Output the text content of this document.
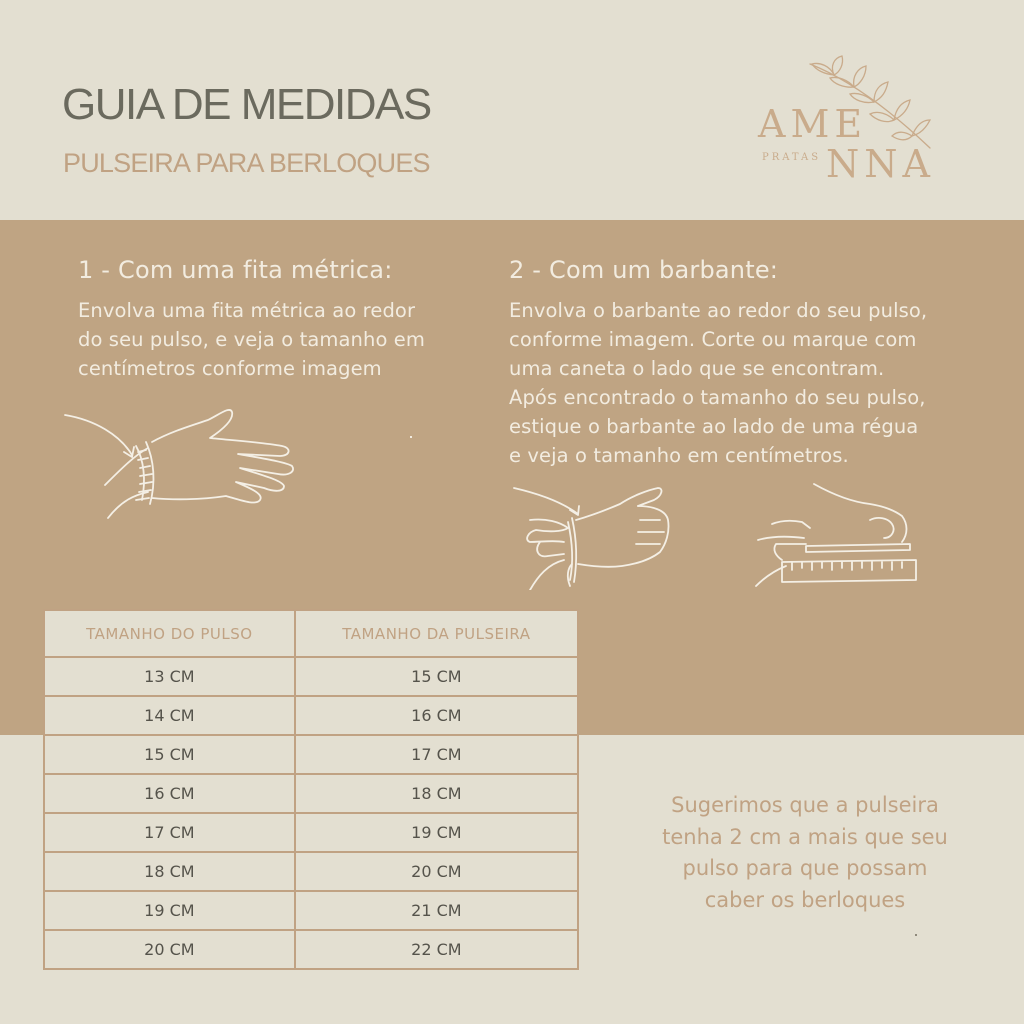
GUIA DE MEDIDAS
PULSEIRA PARA BERLOQUES
AME
NNA
PRATAS
1 - Com uma fita métrica:
Envolva uma fita métrica ao redor
do seu pulso, e veja o tamanho em
centímetros conforme imagem
2 - Com um barbante:
Envolva o barbante ao redor do seu pulso,
conforme imagem. Corte ou marque com
uma caneta o lado que se encontram.
Após encontrado o tamanho do seu pulso,
estique o barbante ao lado de uma régua
e veja o tamanho em centímetros.
TAMANHO DO PULSO	TAMANHO DA PULSEIRA
13 CM	15 CM
14 CM	16 CM
15 CM	17 CM
16 CM	18 CM
17 CM	19 CM
18 CM	20 CM
19 CM	21 CM
20 CM	22 CM
Sugerimos que a pulseira
tenha 2 cm a mais que seu
pulso para que possam
caber os berloques
